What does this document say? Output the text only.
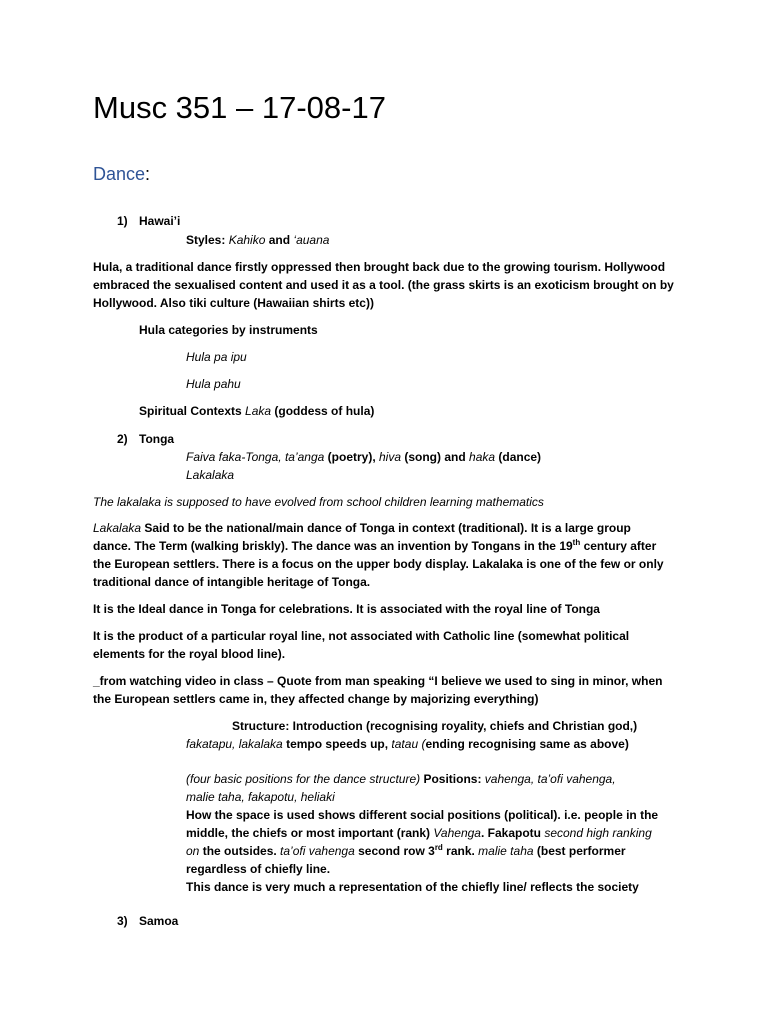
Musc 351 – 17-08-17
Dance:
1) Hawai’i
Styles: Kahiko and ‘auana
Hula, a traditional dance firstly oppressed then brought back due to the growing tourism. Hollywood
embraced the sexualised content and used it as a tool. (the grass skirts is an exoticism brought on by
Hollywood. Also tiki culture (Hawaiian shirts etc))
Hula categories by instruments
Hula pa ipu
Hula pahu
Spiritual Contexts Laka (goddess of hula)
2) Tonga
Faiva faka-Tonga, ta’anga (poetry), hiva (song) and haka (dance)
Lakalaka
The lakalaka is supposed to have evolved from school children learning mathematics
Lakalaka Said to be the national/main dance of Tonga in context (traditional). It is a large group
dance. The Term (walking briskly). The dance was an invention by Tongans in the 19th century after
the European settlers. There is a focus on the upper body display. Lakalaka is one of the few or only
traditional dance of intangible heritage of Tonga.
It is the Ideal dance in Tonga for celebrations. It is associated with the royal line of Tonga
It is the product of a particular royal line, not associated with Catholic line (somewhat political
elements for the royal blood line).
_from watching video in class – Quote from man speaking “I believe we used to sing in minor, when
the European settlers came in, they affected change by majorizing everything)
Structure: Introduction (recognising royality, chiefs and Christian god,)
fakatapu, lakalaka tempo speeds up, tatau (ending recognising same as above)
(four basic positions for the dance structure) Positions: vahenga, ta’ofi vahenga,
malie taha, fakapotu, heliaki
How the space is used shows different social positions (political). i.e. people in the
middle, the chiefs or most important (rank) Vahenga. Fakapotu second high ranking
on the outsides. ta’ofi vahenga second row 3rd rank. malie taha (best performer
regardless of chiefly line.
This dance is very much a representation of the chiefly line/ reflects the society
3) Samoa
